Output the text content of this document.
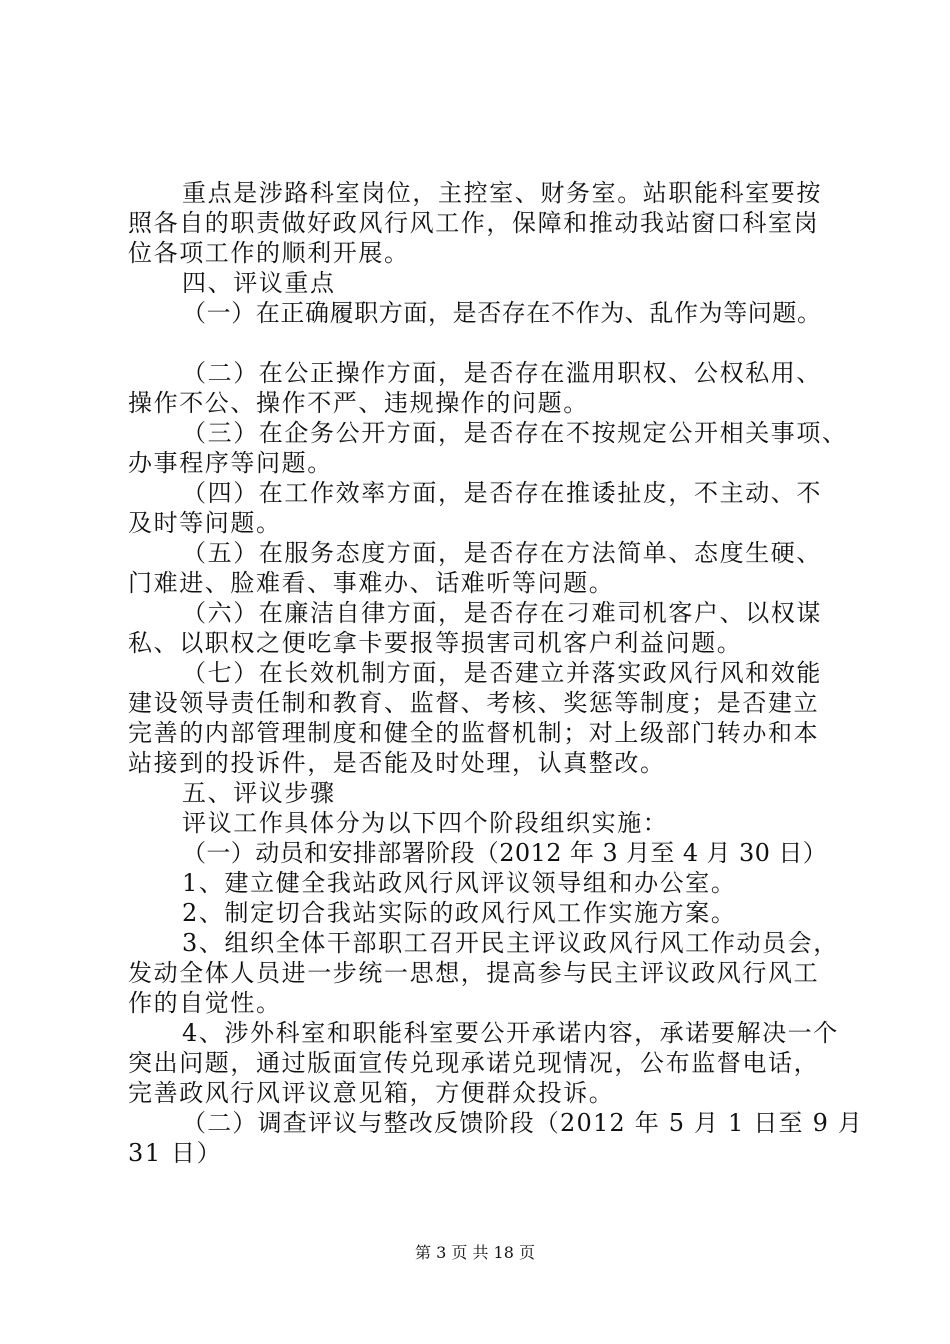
重点是涉路科室岗位，主控室、财务室。站职能科室要按
照各自的职责做好政风行风工作，保障和推动我站窗口科室岗
位各项工作的顺利开展。
四、评议重点
（一）在正确履职方面，是否存在不作为、乱作为等问题。
（二）在公正操作方面，是否存在滥用职权、公权私用、
操作不公、操作不严、违规操作的问题。
（三）在企务公开方面，是否存在不按规定公开相关事项、
办事程序等问题。
（四）在工作效率方面，是否存在推诿扯皮，不主动、不
及时等问题。
（五）在服务态度方面，是否存在方法简单、态度生硬、
门难进、脸难看、事难办、话难听等问题。
（六）在廉洁自律方面，是否存在刁难司机客户、以权谋
私、以职权之便吃拿卡要报等损害司机客户利益问题。
（七）在长效机制方面，是否建立并落实政风行风和效能
建设领导责任制和教育、监督、考核、奖惩等制度；是否建立
完善的内部管理制度和健全的监督机制；对上级部门转办和本
站接到的投诉件，是否能及时处理，认真整改。
五、评议步骤
评议工作具体分为以下四个阶段组织实施：
（一）动员和安排部署阶段（2012 年 3 月至 4 月 30 日）
1、建立健全我站政风行风评议领导组和办公室。
2、制定切合我站实际的政风行风工作实施方案。
3、组织全体干部职工召开民主评议政风行风工作动员会，
发动全体人员进一步统一思想，提高参与民主评议政风行风工
作的自觉性。
4、涉外科室和职能科室要公开承诺内容，承诺要解决一个
突出问题，通过版面宣传兑现承诺兑现情况，公布监督电话，
完善政风行风评议意见箱，方便群众投诉。
（二）调查评议与整改反馈阶段（2012 年 5 月 1 日至 9 月
31 日）
第 3 页 共 18 页
